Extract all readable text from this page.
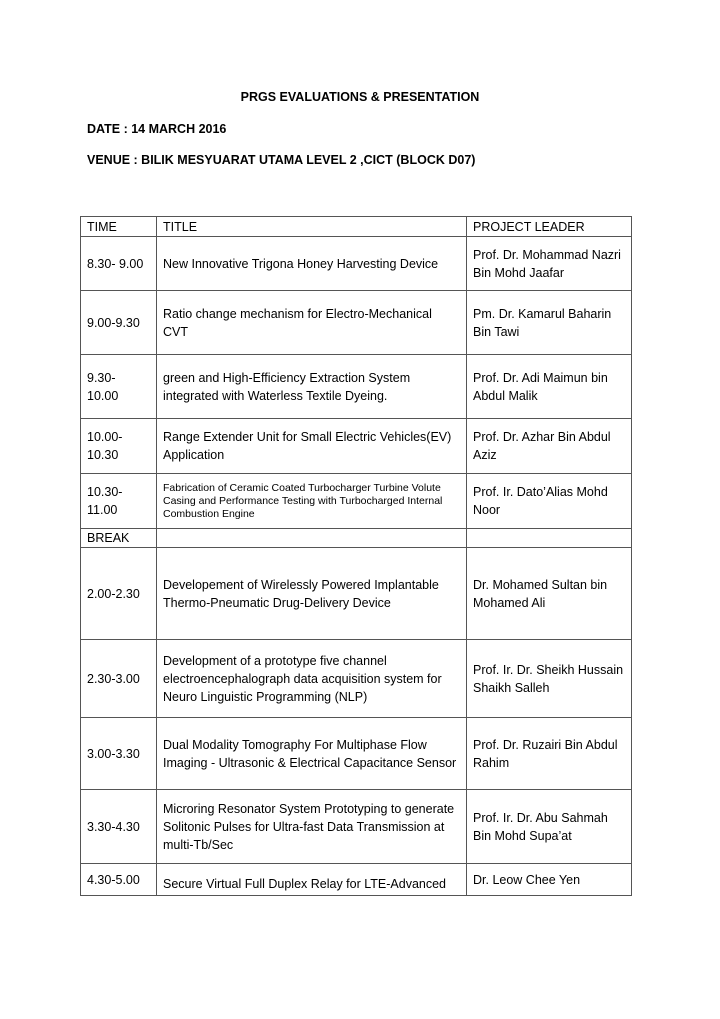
PRGS EVALUATIONS & PRESENTATION
DATE : 14 MARCH 2016
VENUE : BILIK MESYUARAT UTAMA LEVEL 2 ,CICT (BLOCK D07)
TIME	TITLE	PROJECT LEADER
8.30- 9.00	New Innovative Trigona Honey Harvesting Device	Prof. Dr. Mohammad Nazri Bin Mohd Jaafar
9.00-9.30	Ratio change mechanism for Electro-Mechanical CVT	Pm. Dr. Kamarul Baharin Bin Tawi
9.30- 10.00	green and High-Efficiency Extraction System integrated with Waterless Textile Dyeing.	Prof. Dr. Adi Maimun bin Abdul Malik
10.00- 10.30	Range Extender Unit for Small Electric Vehicles(EV) Application	Prof. Dr. Azhar Bin Abdul Aziz
10.30- 11.00	Fabrication of Ceramic Coated Turbocharger Turbine Volute Casing and Performance Testing with Turbocharged Internal Combustion Engine	Prof. Ir. Dato’Alias Mohd Noor
BREAK		
2.00-2.30	Developement of Wirelessly Powered Implantable Thermo-Pneumatic Drug-Delivery Device	Dr. Mohamed Sultan bin Mohamed Ali
2.30-3.00	Development of a prototype five channel electroencephalograph data acquisition system for Neuro Linguistic Programming (NLP)	Prof. Ir. Dr. Sheikh Hussain Shaikh Salleh
3.00-3.30	Dual Modality Tomography For Multiphase Flow Imaging - Ultrasonic & Electrical Capacitance Sensor	Prof. Dr. Ruzairi Bin Abdul Rahim
3.30-4.30	Microring Resonator System Prototyping to generate Solitonic Pulses for Ultra-fast Data Transmission at multi-Tb/Sec	Prof. Ir. Dr. Abu Sahmah Bin Mohd Supa’at
4.30-5.00	Secure Virtual Full Duplex Relay for LTE-Advanced	Dr. Leow Chee Yen
